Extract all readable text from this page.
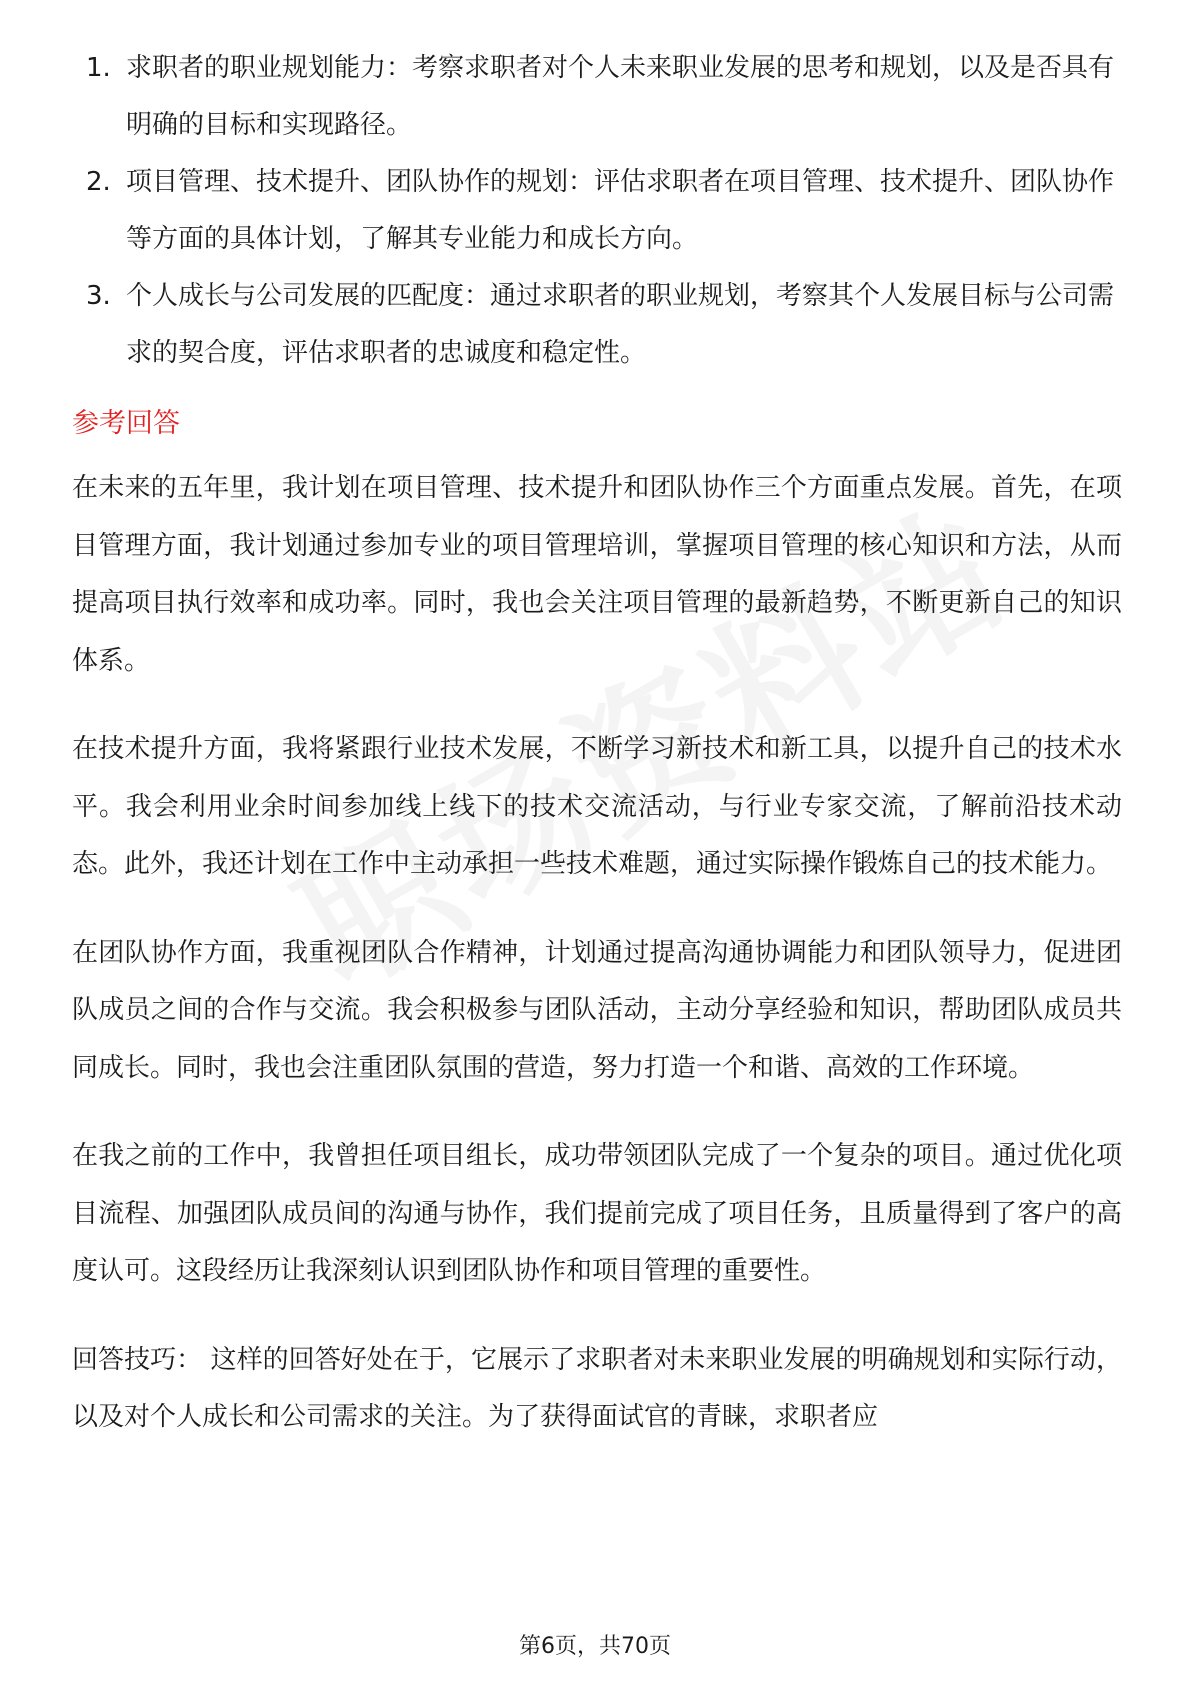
1. 求职者的职业规划能力：考察求职者对个人未来职业发展的思考和规划，以及是否具有明确的目标和实现路径。
2. 项目管理、技术提升、团队协作的规划：评估求职者在项目管理、技术提升、团队协作等方面的具体计划，了解其专业能力和成长方向。
3. 个人成长与公司发展的匹配度：通过求职者的职业规划，考察其个人发展目标与公司需求的契合度，评估求职者的忠诚度和稳定性。
参考回答

在未来的五年里，我计划在项目管理、技术提升和团队协作三个方面重点发展。首先，在项目管理方面，我计划通过参加专业的项目管理培训，掌握项目管理的核心知识和方法，从而提高项目执行效率和成功率。同时，我也会关注项目管理的最新趋势，不断更新自己的知识体系。

在技术提升方面，我将紧跟行业技术发展，不断学习新技术和新工具，以提升自己的技术水平。我会利用业余时间参加线上线下的技术交流活动，与行业专家交流，了解前沿技术动态。此外，我还计划在工作中主动承担一些技术难题，通过实际操作锻炼自己的技术能力。

在团队协作方面，我重视团队合作精神，计划通过提高沟通协调能力和团队领导力，促进团队成员之间的合作与交流。我会积极参与团队活动，主动分享经验和知识，帮助团队成员共同成长。同时，我也会注重团队氛围的营造，努力打造一个和谐、高效的工作环境。

在我之前的工作中，我曾担任项目组长，成功带领团队完成了一个复杂的项目。通过优化项目流程、加强团队成员间的沟通与协作，我们提前完成了项目任务，且质量得到了客户的高度认可。这段经历让我深刻认识到团队协作和项目管理的重要性。

回答技巧： 这样的回答好处在于，它展示了求职者对未来职业发展的明确规划和实际行动，以及对个人成长和公司需求的关注。为了获得面试官的青睐，求职者应

第6页，共70页
